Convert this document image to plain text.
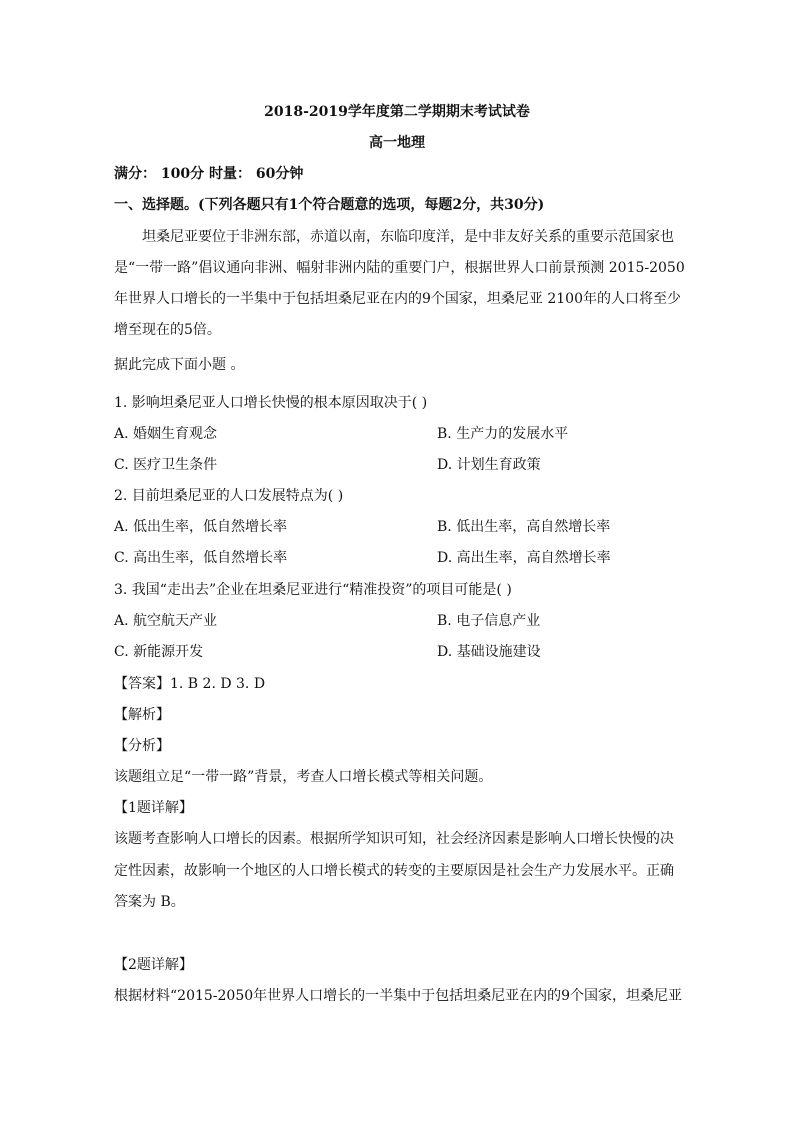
2018-2019学年度第二学期期末考试试卷
高一地理
满分： 100分 时量： 60分钟
一、选择题。(下列各题只有1个符合题意的选项，每题2分，共30分)
坦桑尼亚要位于非洲东部，赤道以南，东临印度洋，是中非友好关系的重要示范国家也
是“一带一路”倡议通向非洲、幅射非洲内陆的重要门户，根据世界人口前景预测 2015-2050
年世界人口增长的一半集中于包括坦桑尼亚在内的9个国家，坦桑尼亚 2100年的人口将至少
增至现在的5倍。
据此完成下面小题 。
1. 影响坦桑尼亚人口增长快慢的根本原因取决于( )
A. 婚姻生育观念	B. 生产力的发展水平
C. 医疗卫生条件	D. 计划生育政策
2. 目前坦桑尼亚的人口发展特点为( )
A. 低出生率，低自然增长率	B. 低出生率，高自然增长率
C. 高出生率，低自然增长率	D. 高出生率，高自然增长率
3. 我国“走出去”企业在坦桑尼亚进行“精准投资”的项目可能是( )
A. 航空航天产业	B. 电子信息产业
C. 新能源开发	D. 基础设施建设
【答案】1. B 2. D 3. D
【解析】
【分析】
该题组立足“一带一路”背景，考查人口增长模式等相关问题。
【1题详解】
该题考查影响人口增长的因素。根据所学知识可知，社会经济因素是影响人口增长快慢的决
定性因素，故影响一个地区的人口增长模式的转变的主要原因是社会生产力发展水平。正确
答案为 B。
【2题详解】
根据材料“2015-2050年世界人口增长的一半集中于包括坦桑尼亚在内的9个国家，坦桑尼亚
